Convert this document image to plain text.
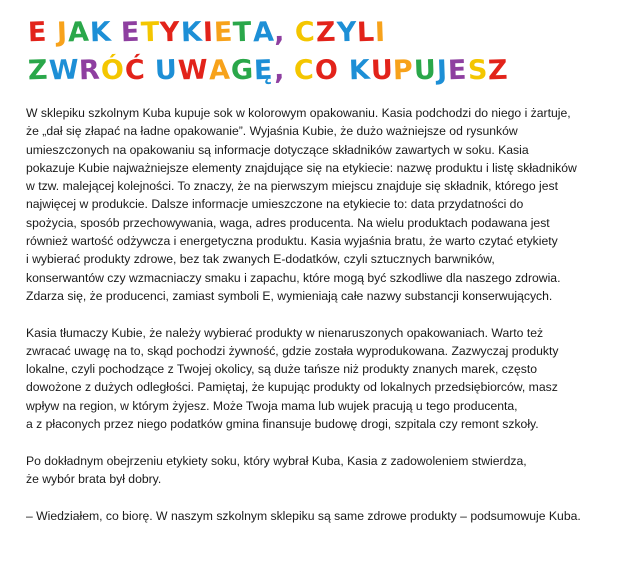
E JAK ETYKIETA, CZYLI
ZWRÓĆ UWAGĘ, CO KUPUJESZ

W sklepiku szkolnym Kuba kupuje sok w kolorowym opakowaniu. Kasia podchodzi do niego i żartuje,
że „dał się złapać na ładne opakowanie”. Wyjaśnia Kubie, że dużo ważniejsze od rysunków
umieszczonych na opakowaniu są informacje dotyczące składników zawartych w soku. Kasia
pokazuje Kubie najważniejsze elementy znajdujące się na etykiecie: nazwę produktu i listę składników
w tzw. malejącej kolejności. To znaczy, że na pierwszym miejscu znajduje się składnik, którego jest
najwięcej w produkcie. Dalsze informacje umieszczone na etykiecie to: data przydatności do
spożycia, sposób przechowywania, waga, adres producenta. Na wielu produktach podawana jest
również wartość odżywcza i energetyczna produktu. Kasia wyjaśnia bratu, że warto czytać etykiety
i wybierać produkty zdrowe, bez tak zwanych E-dodatków, czyli sztucznych barwników,
konserwantów czy wzmacniaczy smaku i zapachu, które mogą być szkodliwe dla naszego zdrowia.
Zdarza się, że producenci, zamiast symboli E, wymieniają całe nazwy substancji konserwujących.

Kasia tłumaczy Kubie, że należy wybierać produkty w nienaruszonych opakowaniach. Warto też
zwracać uwagę na to, skąd pochodzi żywność, gdzie została wyprodukowana. Zazwyczaj produkty
lokalne, czyli pochodzące z Twojej okolicy, są duże tańsze niż produkty znanych marek, często
dowożone z dużych odległości. Pamiętaj, że kupując produkty od lokalnych przedsiębiorców, masz
wpływ na region, w którym żyjesz. Może Twoja mama lub wujek pracują u tego producenta,
a z płaconych przez niego podatków gmina finansuje budowę drogi, szpitala czy remont szkoły.

Po dokładnym obejrzeniu etykiety soku, który wybrał Kuba, Kasia z zadowoleniem stwierdza,
że wybór brata był dobry.

– Wiedziałem, co biorę. W naszym szkolnym sklepiku są same zdrowe produkty – podsumowuje Kuba.
